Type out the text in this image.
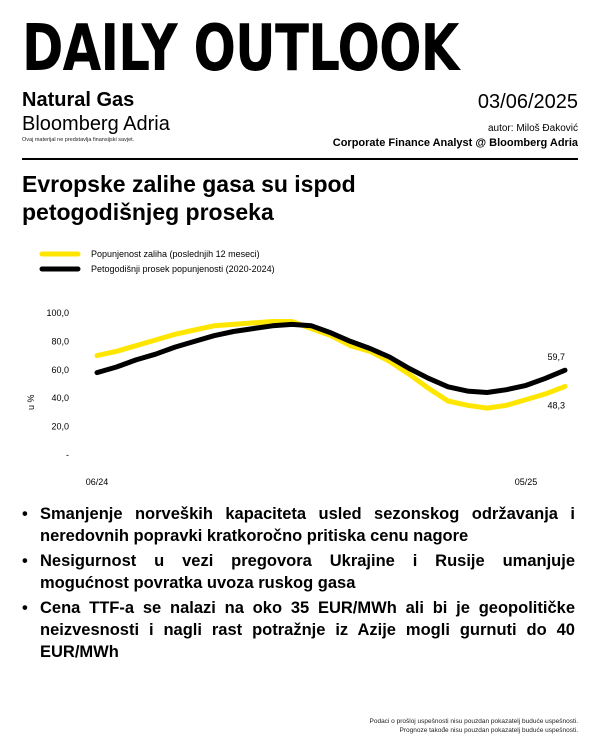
DAILY OUTLOOK
Natural Gas
Bloomberg Adria
Ovaj materijal ne predstavlja finansijski savjet.
03/06/2025
autor: Miloš Đaković
Corporate Finance Analyst @ Bloomberg Adria
Evropske zalihe gasa su ispod
petogodišnjeg proseka
Popunjenost zaliha (poslednjih 12 meseci)
Petogodišnji prosek popunjenosti (2020-2024)
100,0
80,0
60,0
40,0
20,0
-
u %
06/24	05/25
48,3
59,7
• Smanjenje norveških kapaciteta usled sezonskog održavanja i neredovnih popravki kratkoročno pritiska cenu nagore
• Nesigurnost u vezi pregovora Ukrajine i Rusije umanjuje mogućnost povratka uvoza ruskog gasa
• Cena TTF-a se nalazi na oko 35 EUR/MWh ali bi je geopolitičke neizvesnosti i nagli rast potražnje iz Azije mogli gurnuti do 40 EUR/MWh
Podaci o prošloj uspešnosti nisu pouzdan pokazatelj buduće uspešnosti.
Prognoze takođe nisu pouzdan pokazatelj buduće uspešnosti.
